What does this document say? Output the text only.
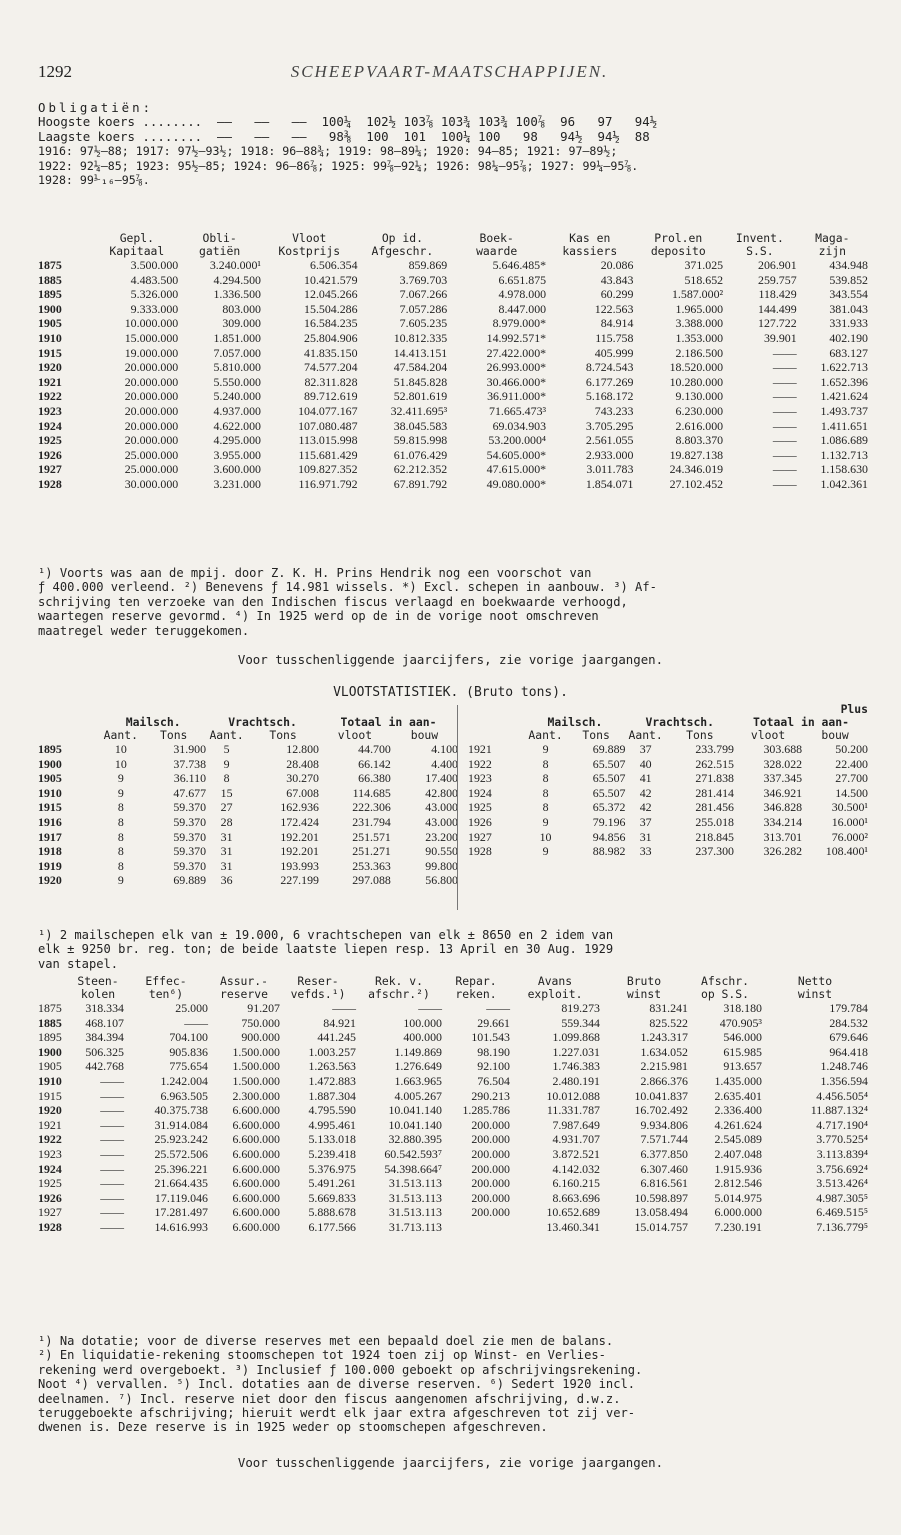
1292	SCHEEPVAART-MAATSCHAPPIJEN.
Obligatiën:
Hoogste koers ........  ——   ——   ——  100¼  102½ 103⅞ 103¾ 103¾ 100⅞  96   97   94½
Laagste koers ........  ——   ——   ——   98⅜  100  101  100¼ 100   98   94½  94½  88
1916: 97½—88; 1917: 97½—93½; 1918: 96—88¾; 1919: 98—89¼; 1920: 94—85; 1921: 97—89½;
1922: 92¼—85; 1923: 95½—85; 1924: 96—86⅞; 1925: 99⅞—92¼; 1926: 98¼—95⅞; 1927: 99¼—95⅞.
1928: 99⅟₁₆—95⅞.
	Gepl.	Obli-	Vloot	Op id.	Boek-	Kas en	Prol.en	Invent.	Maga-
	Kapitaal	gatiën	Kostprijs	Afgeschr.	waarde	kassiers	deposito	S.S.	zijn
1875	3.500.000	3.240.000¹	6.506.354	859.869	5.646.485*	20.086	371.025	206.901	434.948
1885	4.483.500	4.294.500	10.421.579	3.769.703	6.651.875	43.843	518.652	259.757	539.852
1895	5.326.000	1.336.500	12.045.266	7.067.266	4.978.000	60.299	1.587.000²	118.429	343.554
1900	9.333.000	803.000	15.504.286	7.057.286	8.447.000	122.563	1.965.000	144.499	381.043
1905	10.000.000	309.000	16.584.235	7.605.235	8.979.000*	84.914	3.388.000	127.722	331.933
1910	15.000.000	1.851.000	25.804.906	10.812.335	14.992.571*	115.758	1.353.000	39.901	402.190
1915	19.000.000	7.057.000	41.835.150	14.413.151	27.422.000*	405.999	2.186.500	——	683.127
1920	20.000.000	5.810.000	74.577.204	47.584.204	26.993.000*	8.724.543	18.520.000	——	1.622.713
1921	20.000.000	5.550.000	82.311.828	51.845.828	30.466.000*	6.177.269	10.280.000	——	1.652.396
1922	20.000.000	5.240.000	89.712.619	52.801.619	36.911.000*	5.168.172	9.130.000	——	1.421.624
1923	20.000.000	4.937.000	104.077.167	32.411.695³	71.665.473³	743.233	6.230.000	——	1.493.737
1924	20.000.000	4.622.000	107.080.487	38.045.583	69.034.903	3.705.295	2.616.000	——	1.411.651
1925	20.000.000	4.295.000	113.015.998	59.815.998	53.200.000⁴	2.561.055	8.803.370	——	1.086.689
1926	25.000.000	3.955.000	115.681.429	61.076.429	54.605.000*	2.933.000	19.827.138	——	1.132.713
1927	25.000.000	3.600.000	109.827.352	62.212.352	47.615.000*	3.011.783	24.346.019	——	1.158.630
1928	30.000.000	3.231.000	116.971.792	67.891.792	49.080.000*	1.854.071	27.102.452	——	1.042.361
¹) Voorts was aan de mpij. door Z. K. H. Prins Hendrik nog een voorschot van
ƒ 400.000 verleend. ²) Benevens ƒ 14.981 wissels. *) Excl. schepen in aanbouw. ³) Af-
schrijving ten verzoeke van den Indischen fiscus verlaagd en boekwaarde verhoogd,
waartegen reserve gevormd. ⁴) In 1925 werd op de in de vorige noot omschreven
maatregel weder teruggekomen.
Voor tusschenliggende jaarcijfers, zie vorige jaargangen.
VLOOTSTATISTIEK. (Bruto tons).

	Mailsch.		Vrachtsch.		Totaal in aan-	
	Aant.	Tons	Aant.	Tons	vloot	bouw
1895	10	31.900	5	12.800	44.700	4.100
1900	10	37.738	9	28.408	66.142	4.400
1905	9	36.110	8	30.270	66.380	17.400
1910	9	47.677	15	67.008	114.685	42.800
1915	8	59.370	27	162.936	222.306	43.000
1916	8	59.370	28	172.424	231.794	43.000
1917	8	59.370	31	192.201	251.571	23.200
1918	8	59.370	31	192.201	251.271	90.550
1919	8	59.370	31	193.993	253.363	99.800
1920	9	69.889	36	227.199	297.088	56.800
						Plus
	Mailsch.		Vrachtsch.		Totaal in aan-	
	Aant.	Tons	Aant.	Tons	vloot	bouw
1921	9	69.889	37	233.799	303.688	50.200
1922	8	65.507	40	262.515	328.022	22.400
1923	8	65.507	41	271.838	337.345	27.700
1924	8	65.507	42	281.414	346.921	14.500
1925	8	65.372	42	281.456	346.828	30.500¹
1926	9	79.196	37	255.018	334.214	16.000¹
1927	10	94.856	31	218.845	313.701	76.000²
1928	9	88.982	33	237.300	326.282	108.400¹
¹) 2 mailschepen elk van ± 19.000, 6 vrachtschepen van elk ± 8650 en 2 idem van
elk ± 9250 br. reg. ton; de beide laatste liepen resp. 13 April en 30 Aug. 1929
van stapel.
	Steen-	Effec-	Assur.-	Reser-	Rek. v.	Repar.	Avans	Bruto	Afschr.	Netto
	kolen	ten⁶)	reserve	vefds.¹)	afschr.²)	reken.	exploit.	winst	op S.S.	winst
1875	318.334	25.000	91.207	——	——	——	819.273	831.241	318.180	179.784
1885	468.107	——	750.000	84.921	100.000	29.661	559.344	825.522	470.905³	284.532
1895	384.394	704.100	900.000	441.245	400.000	101.543	1.099.868	1.243.317	546.000	679.646
1900	506.325	905.836	1.500.000	1.003.257	1.149.869	98.190	1.227.031	1.634.052	615.985	964.418
1905	442.768	775.654	1.500.000	1.263.563	1.276.649	92.100	1.746.383	2.215.981	913.657	1.248.746
1910	——	1.242.004	1.500.000	1.472.883	1.663.965	76.504	2.480.191	2.866.376	1.435.000	1.356.594
1915	——	6.963.505	2.300.000	1.887.304	4.005.267	290.213	10.012.088	10.041.837	2.635.401	4.456.505⁴
1920	——	40.375.738	6.600.000	4.795.590	10.041.140	1.285.786	11.331.787	16.702.492	2.336.400	11.887.132⁴
1921	——	31.914.084	6.600.000	4.995.461	10.041.140	200.000	7.987.649	9.934.806	4.261.624	4.717.190⁴
1922	——	25.923.242	6.600.000	5.133.018	32.880.395	200.000	4.931.707	7.571.744	2.545.089	3.770.525⁴
1923	——	25.572.506	6.600.000	5.239.418	60.542.593⁷	200.000	3.872.521	6.377.850	2.407.048	3.113.839⁴
1924	——	25.396.221	6.600.000	5.376.975	54.398.664⁷	200.000	4.142.032	6.307.460	1.915.936	3.756.692⁴
1925	——	21.664.435	6.600.000	5.491.261	31.513.113	200.000	6.160.215	6.816.561	2.812.546	3.513.426⁴
1926	——	17.119.046	6.600.000	5.669.833	31.513.113	200.000	8.663.696	10.598.897	5.014.975	4.987.305⁵
1927	——	17.281.497	6.600.000	5.888.678	31.513.113	200.000	10.652.689	13.058.494	6.000.000	6.469.515⁵
1928	——	14.616.993	6.600.000	6.177.566	31.713.113		13.460.341	15.014.757	7.230.191	7.136.779⁵
¹) Na dotatie; voor de diverse reserves met een bepaald doel zie men de balans.
²) En liquidatie-rekening stoomschepen tot 1924 toen zij op Winst- en Verlies-
rekening werd overgeboekt. ³) Inclusief ƒ 100.000 geboekt op afschrijvingsrekening.
Noot ⁴) vervallen. ⁵) Incl. dotaties aan de diverse reserven. ⁶) Sedert 1920 incl.
deelnamen. ⁷) Incl. reserve niet door den fiscus aangenomen afschrijving, d.w.z.
teruggeboekte afschrijving; hieruit werdt elk jaar extra afgeschreven tot zij ver-
dwenen is. Deze reserve is in 1925 weder op stoomschepen afgeschreven.
Voor tusschenliggende jaarcijfers, zie vorige jaargangen.
